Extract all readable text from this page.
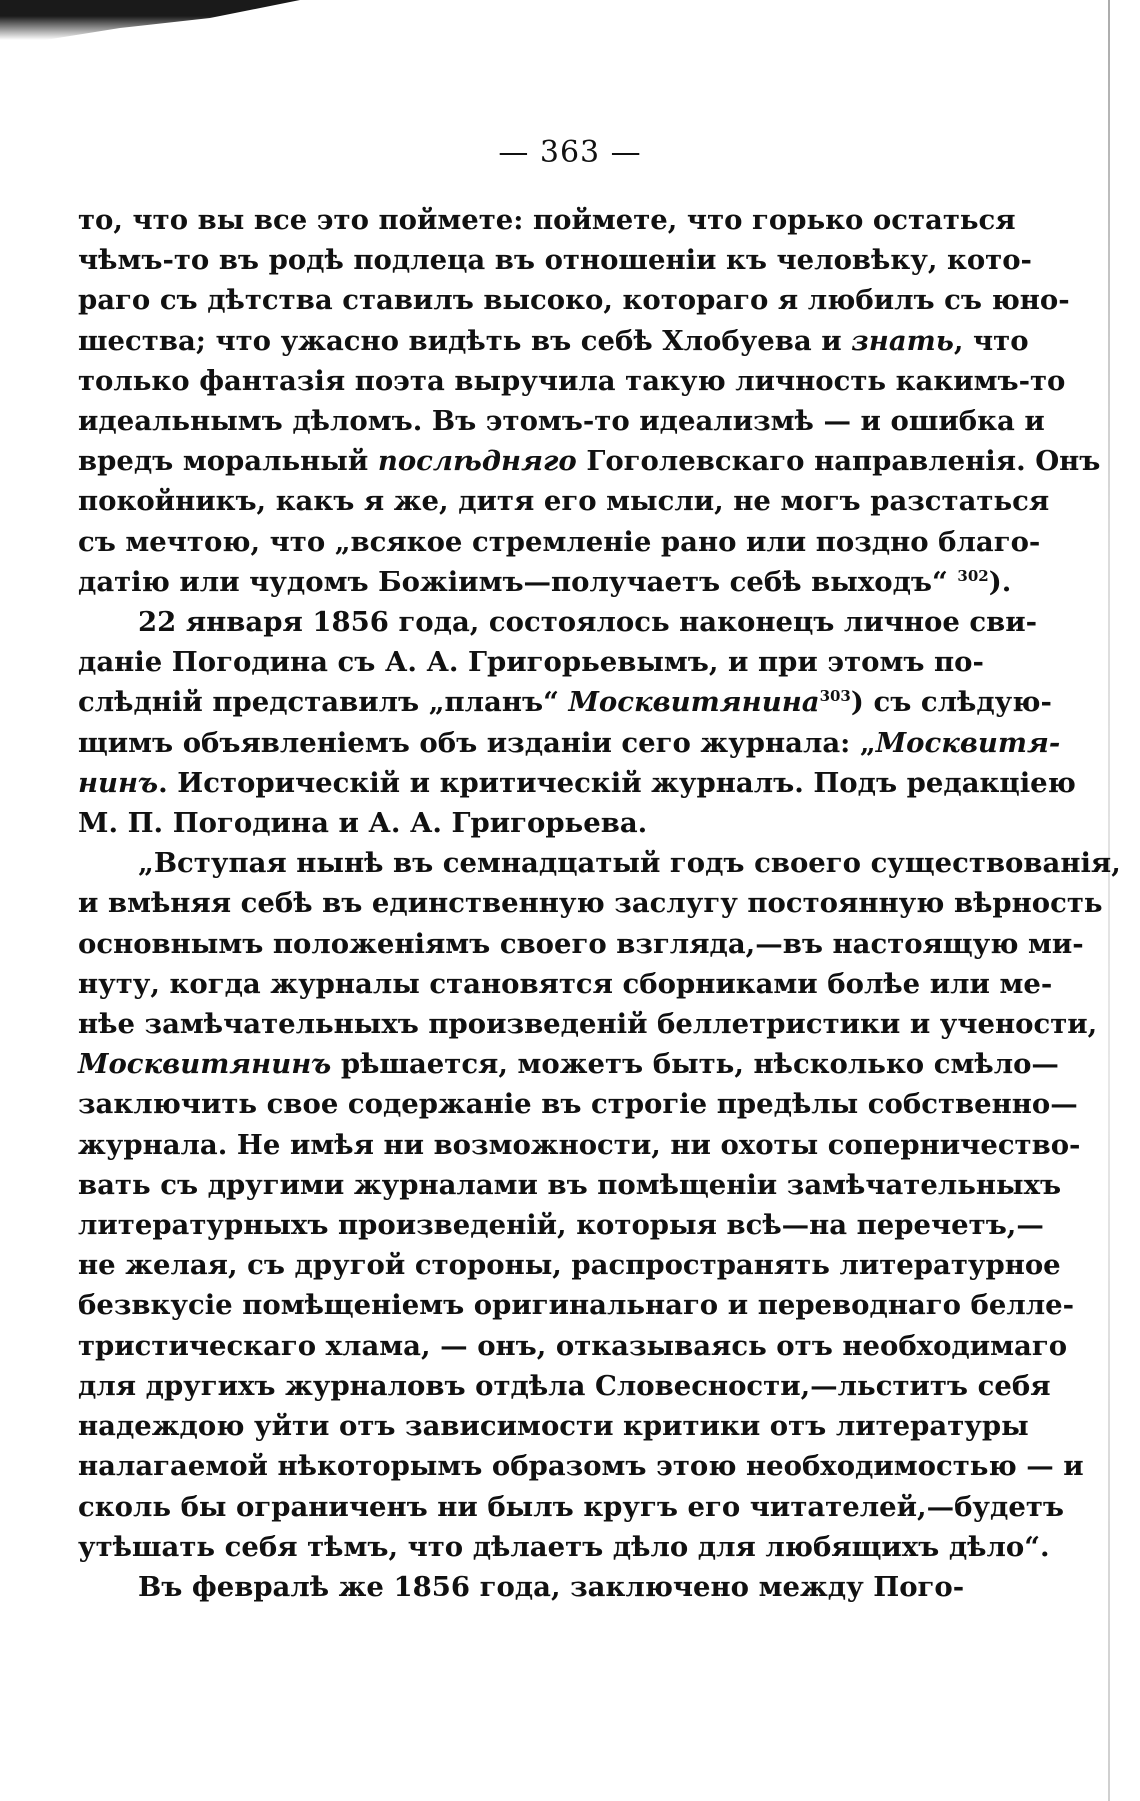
— 363 —
то, что вы все это поймете: поймете, что горько остаться
чѣмъ-то въ родѣ подлеца въ отношеніи къ человѣку, кото-
раго съ дѣтства ставилъ высоко, котораго я любилъ съ юно-
шества; что ужасно видѣть въ себѣ Хлобуева и знать, что
только фантазія поэта выручила такую личность какимъ-то
идеальнымъ дѣломъ. Въ этомъ-то идеализмѣ — и ошибка и
вредъ моральный послѣдняго Гоголевскаго направленія. Онъ
покойникъ, какъ я же, дитя его мысли, не могъ разстаться
съ мечтою, что „всякое стремленіе рано или поздно благо-
датію или чудомъ Божіимъ—получаетъ себѣ выходъ“ $^{302}$).
22 января 1856 года, состоялось наконецъ личное сви-
даніе Погодина съ А. А. Григорьевымъ, и при этомъ по-
слѣдній представилъ „планъ“ Москвитянина$^{303}$) съ слѣдую-
щимъ объявленіемъ объ изданіи сего журнала: „Москвитя-
нинъ. Историческій и критическій журналъ. Подъ редакціею
М. П. Погодина и А. А. Григорьева.
„Вступая нынѣ въ семнадцатый годъ своего существованія,
и вмѣняя себѣ въ единственную заслугу постоянную вѣрность
основнымъ положеніямъ своего взгляда,—въ настоящую ми-
нуту, когда журналы становятся сборниками болѣе или ме-
нѣе замѣчательныхъ произведеній беллетристики и учености,
Москвитянинъ рѣшается, можетъ быть, нѣсколько смѣло—
заключить свое содержаніе въ строгіе предѣлы собственно—
журнала. Не имѣя ни возможности, ни охоты соперничество-
вать съ другими журналами въ помѣщеніи замѣчательныхъ
литературныхъ произведеній, которыя всѣ—на перечетъ,—
не желая, съ другой стороны, распространять литературное
безвкусіе помѣщеніемъ оригинальнаго и переводнаго белле-
тристическаго хлама, — онъ, отказываясь отъ необходимаго
для другихъ журналовъ отдѣла Словесности,—льститъ себя
надеждою уйти отъ зависимости критики отъ литературы
налагаемой нѣкоторымъ образомъ этою необходимостью — и
сколь бы ограниченъ ни былъ кругъ его читателей,—будетъ
утѣшать себя тѣмъ, что дѣлаетъ дѣло для любящихъ дѣло“.
Въ февралѣ же 1856 года, заключено между Пого-
